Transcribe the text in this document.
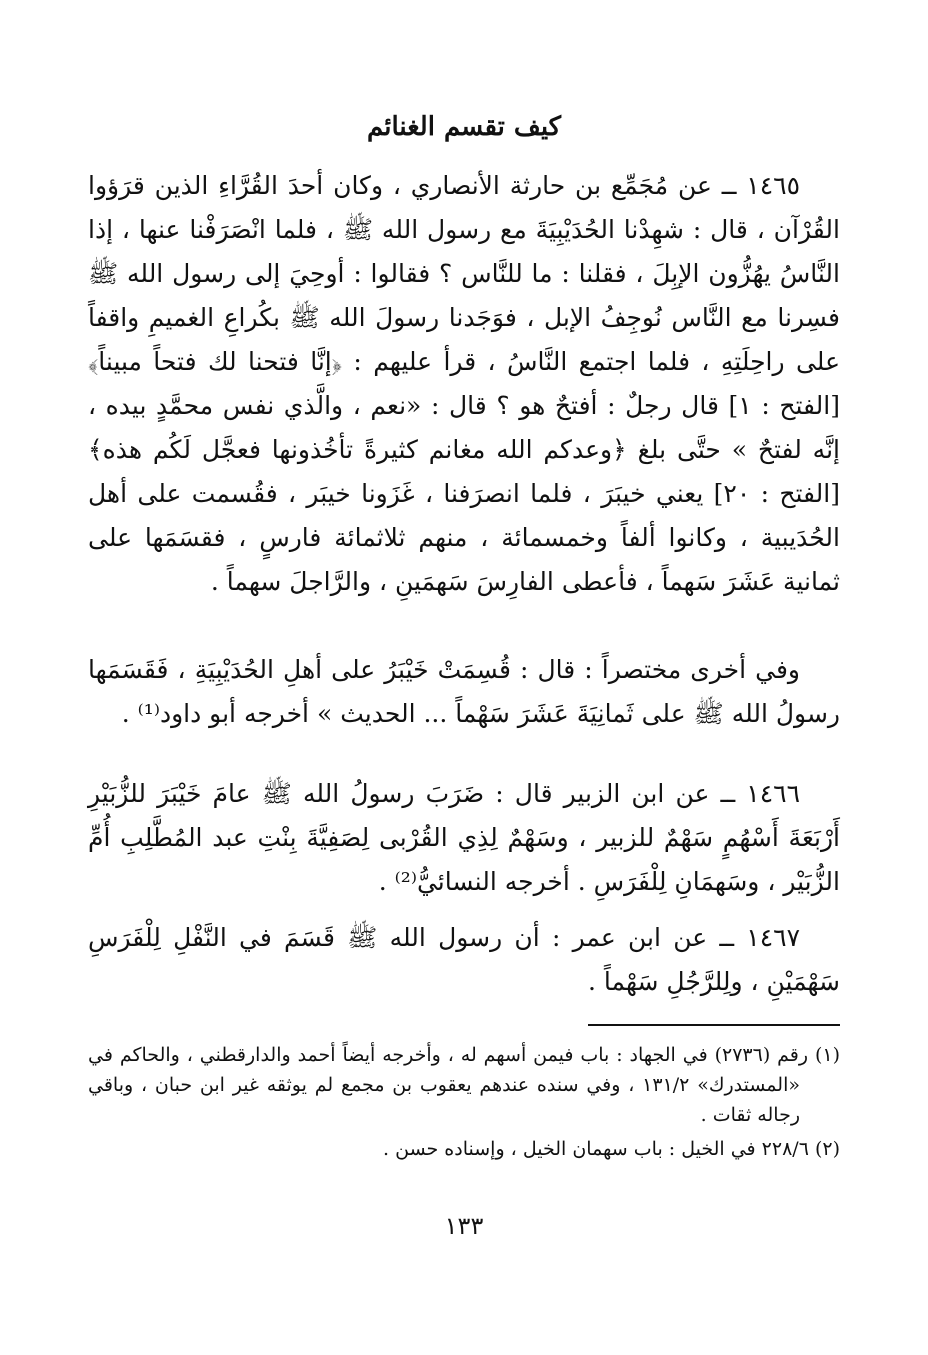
كيف تقسم الغنائم

١٤٦٥ ــ عن مُجَمِّع بن حارثة الأنصاري ، وكان أحدَ القُرَّاءِ الذين قرَؤوا القُرْآن ، قال : شهِدْنا الحُدَيْبِيَةَ مع رسول الله ﷺ ، فلما انْصَرَفْنا عنها ، إذا النَّاسُ يهُزُّون الإبِلَ ، فقلنا : ما للنَّاس ؟ فقالوا : أوحِيَ إلى رسول الله ﷺ فسِرنا مع النَّاس نُوجِفُ الإبل ، فوَجَدنا رسولَ الله ﷺ بكُراعِ الغميمِ واقفاً على راحِلَتِهِ ، فلما اجتمع النَّاسُ ، قرأ عليهم : ﴿إنَّا فتحنا لك فتحاً مبيناً﴾ [الفتح : ١] قال رجلٌ : أفتحٌ هو ؟ قال : «نعم ، والَّذي نفس محمَّدٍ بيده ، إنَّه لفتحٌ » حتَّى بلغ ﴿وعدكم الله مغانم كثيرةً تأخُذونها فعجَّل لَكُم هذه﴾ [الفتح : ٢٠] يعني خيبَرَ ، فلما انصرَفنا ، غَزَونا خيبَر ، فقُسمت على أهل الحُدَيبية ، وكانوا ألفاً وخمسمائة ، منهم ثلاثمائة فارسٍ ، فقسَمَها على ثمانية عَشَرَ سَهماً ، فأعطى الفارِسَ سَهمَينِ ، والرَّاجلَ سهماً .

وفي أخرى مختصراً : قال : قُسِمَتْ خَيْبَرُ على أهلِ الحُدَيْبِيَةِ ، فَقَسَمَها رسولُ الله ﷺ على ثَمانِيَةَ عَشَرَ سَهْماً ... الحديث » أخرجه أبو داود⁽¹⁾ .

١٤٦٦ ــ عن ابن الزبير قال : ضَرَبَ رسولُ الله ﷺ عامَ خَيْبَرَ للزُّبَيْرِ أَرْبَعَةَ أَسْهُمٍ سَهْمٌ للزبير ، وسَهْمٌ لِذِي القُرْبى لِصَفِيَّةَ بِنْتِ عبد المُطَّلِبِ أُمِّ الزُّبَيْر ، وسَهمَانِ لِلْفَرَسِ . أخرجه النسائيُّ⁽²⁾ .

١٤٦٧ ــ عن ابن عمر : أن رسول الله ﷺ قَسَمَ في النَّفْلِ لِلْفَرَسِ سَهْمَيْنِ ، ولِلرَّجُلِ سَهْماً .

(١) رقم (٢٧٣٦) في الجهاد : باب فيمن أسهم له ، وأخرجه أيضاً أحمد والدارقطني ، والحاكم في «المستدرك» ١٣١/٢ ، وفي سنده عندهم يعقوب بن مجمع لم يوثقه غير ابن حبان ، وباقي رجاله ثقات .

(٢) ٢٢٨/٦ في الخيل : باب سهمان الخيل ، وإسناده حسن .

١٣٣
